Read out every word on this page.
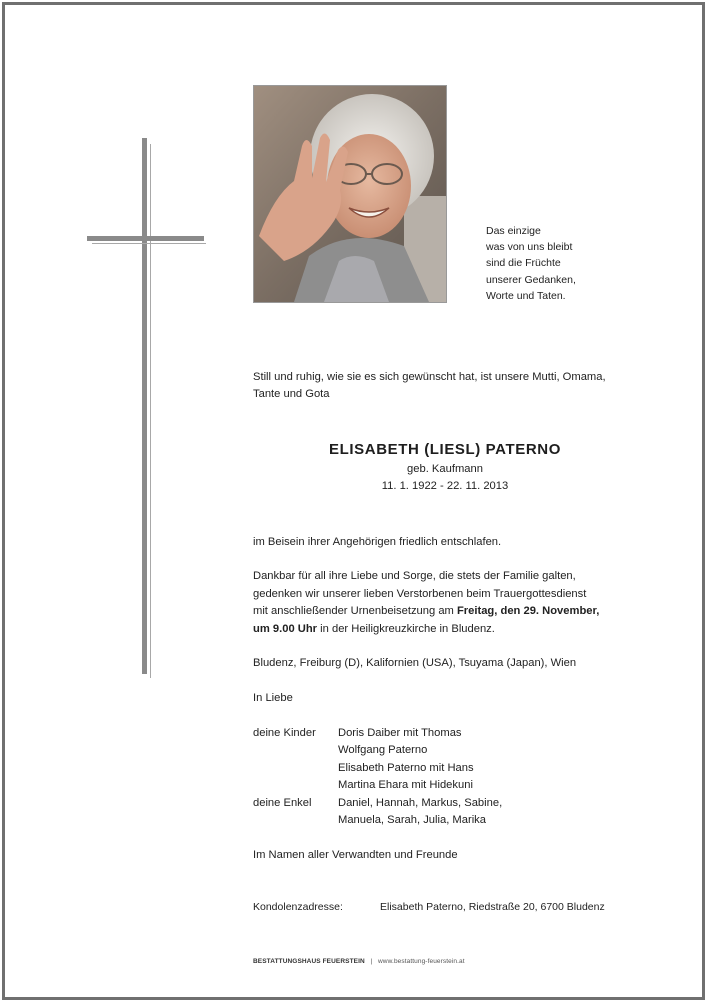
Das einzige
was von uns bleibt
sind die Früchte
unserer Gedanken,
Worte und Taten.
Still und ruhig, wie sie es sich gewünscht hat, ist unsere Mutti, Omama,
Tante und Gota
ELISABETH (LIESL) PATERNO
geb. Kaufmann
11. 1. 1922 - 22. 11. 2013
im Beisein ihrer Angehörigen friedlich entschlafen.
Dankbar für all ihre Liebe und Sorge, die stets der Familie galten,
gedenken wir unserer lieben Verstorbenen beim Trauergottesdienst
mit anschließender Urnenbeisetzung am Freitag, den 29. November,
um 9.00 Uhr in der Heiligkreuzkirche in Bludenz.
Bludenz, Freiburg (D), Kalifornien (USA), Tsuyama (Japan), Wien
In Liebe
deine Kinder Doris Daiber mit Thomas
Wolfgang Paterno
Elisabeth Paterno mit Hans
Martina Ehara mit Hidekuni
deine Enkel Daniel, Hannah, Markus, Sabine,
Manuela, Sarah, Julia, Marika
Im Namen aller Verwandten und Freunde
Kondolenzadresse:	Elisabeth Paterno, Riedstraße 20, 6700 Bludenz
BESTATTUNGSHAUS FEUERSTEIN | www.bestattung-feuerstein.at
